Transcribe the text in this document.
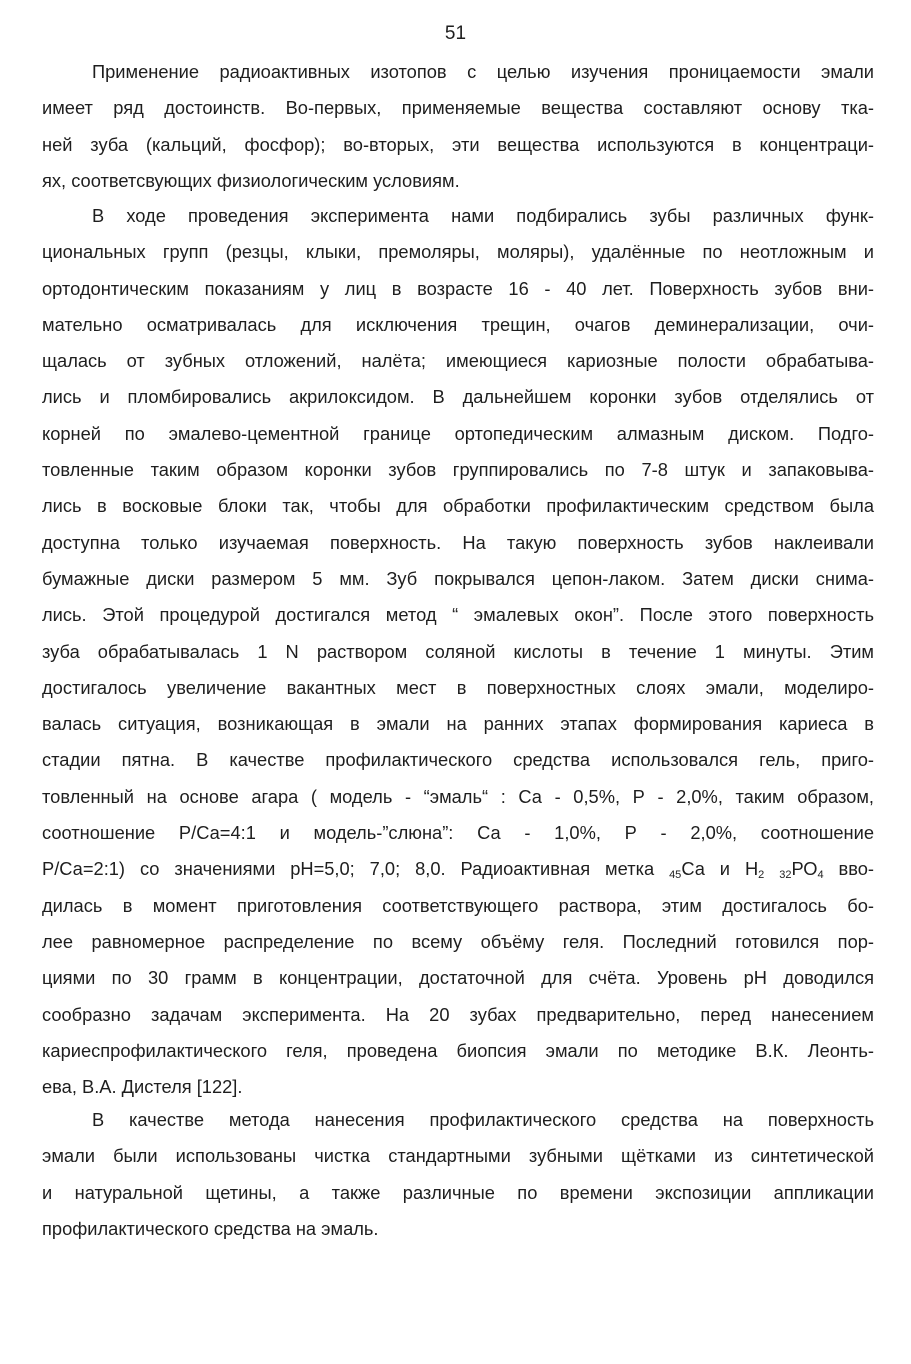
51
Применение радиоактивных изотопов с целью изучения проницаемости эмали
имеет ряд достоинств. Во-первых, применяемые вещества составляют основу тка-
ней зуба (кальций, фосфор); во-вторых, эти вещества используются в концентраци-
ях, соответсвующих физиологическим условиям.
В ходе проведения эксперимента нами подбирались зубы различных функ-
циональных групп (резцы, клыки, премоляры, моляры), удалённые по неотложным и
ортодонтическим показаниям у лиц в возрасте 16 - 40 лет. Поверхность зубов вни-
мательно осматривалась для исключения трещин, очагов деминерализации, очи-
щалась от зубных отложений, налёта; имеющиеся кариозные полости обрабатыва-
лись и пломбировались акрилоксидом. В дальнейшем коронки зубов отделялись от
корней по эмалево-цементной границе ортопедическим алмазным диском. Подго-
товленные таким образом коронки зубов группировались по 7-8 штук и запаковыва-
лись в восковые блоки так, чтобы для обработки профилактическим средством была
доступна только изучаемая поверхность. На такую поверхность зубов наклеивали
бумажные диски размером 5 мм. Зуб покрывался цепон-лаком. Затем диски снима-
лись. Этой процедурой достигался метод “ эмалевых окон”. После этого поверхность
зуба обрабатывалась 1 N раствором соляной кислоты в течение 1 минуты. Этим
достигалось увеличение вакантных мест в поверхностных слоях эмали, моделиро-
валась ситуация, возникающая в эмали на ранних этапах формирования кариеса в
стадии пятна. В качестве профилактического средства использовался гель, приго-
товленный на основе агара ( модель - “эмаль“ : Са - 0,5%, Р - 2,0%, таким образом,
соотношение Р/Са=4:1 и модель-”слюна”: Са - 1,0%, Р - 2,0%, соотношение
Р/Са=2:1) со значениями рН=5,0; 7,0; 8,0. Радиоактивная метка $_{45}$Са и $Н_2$ $_{32}РО_4$ вво-
дилась в момент приготовления соответствующего раствора, этим достигалось бо-
лее равномерное распределение по всему объёму геля. Последний готовился пор-
циями по 30 грамм в концентрации, достаточной для счёта. Уровень рН доводился
сообразно задачам эксперимента. На 20 зубах предварительно, перед нанесением
кариеспрофилактического геля, проведена биопсия эмали по методике В.К. Леонть-
ева, В.А. Дистеля [122].
В качестве метода нанесения профилактического средства на поверхность
эмали были использованы чистка стандартными зубными щётками из синтетической
и натуральной щетины, а также различные по времени экспозиции аппликации
профилактического средства на эмаль.
